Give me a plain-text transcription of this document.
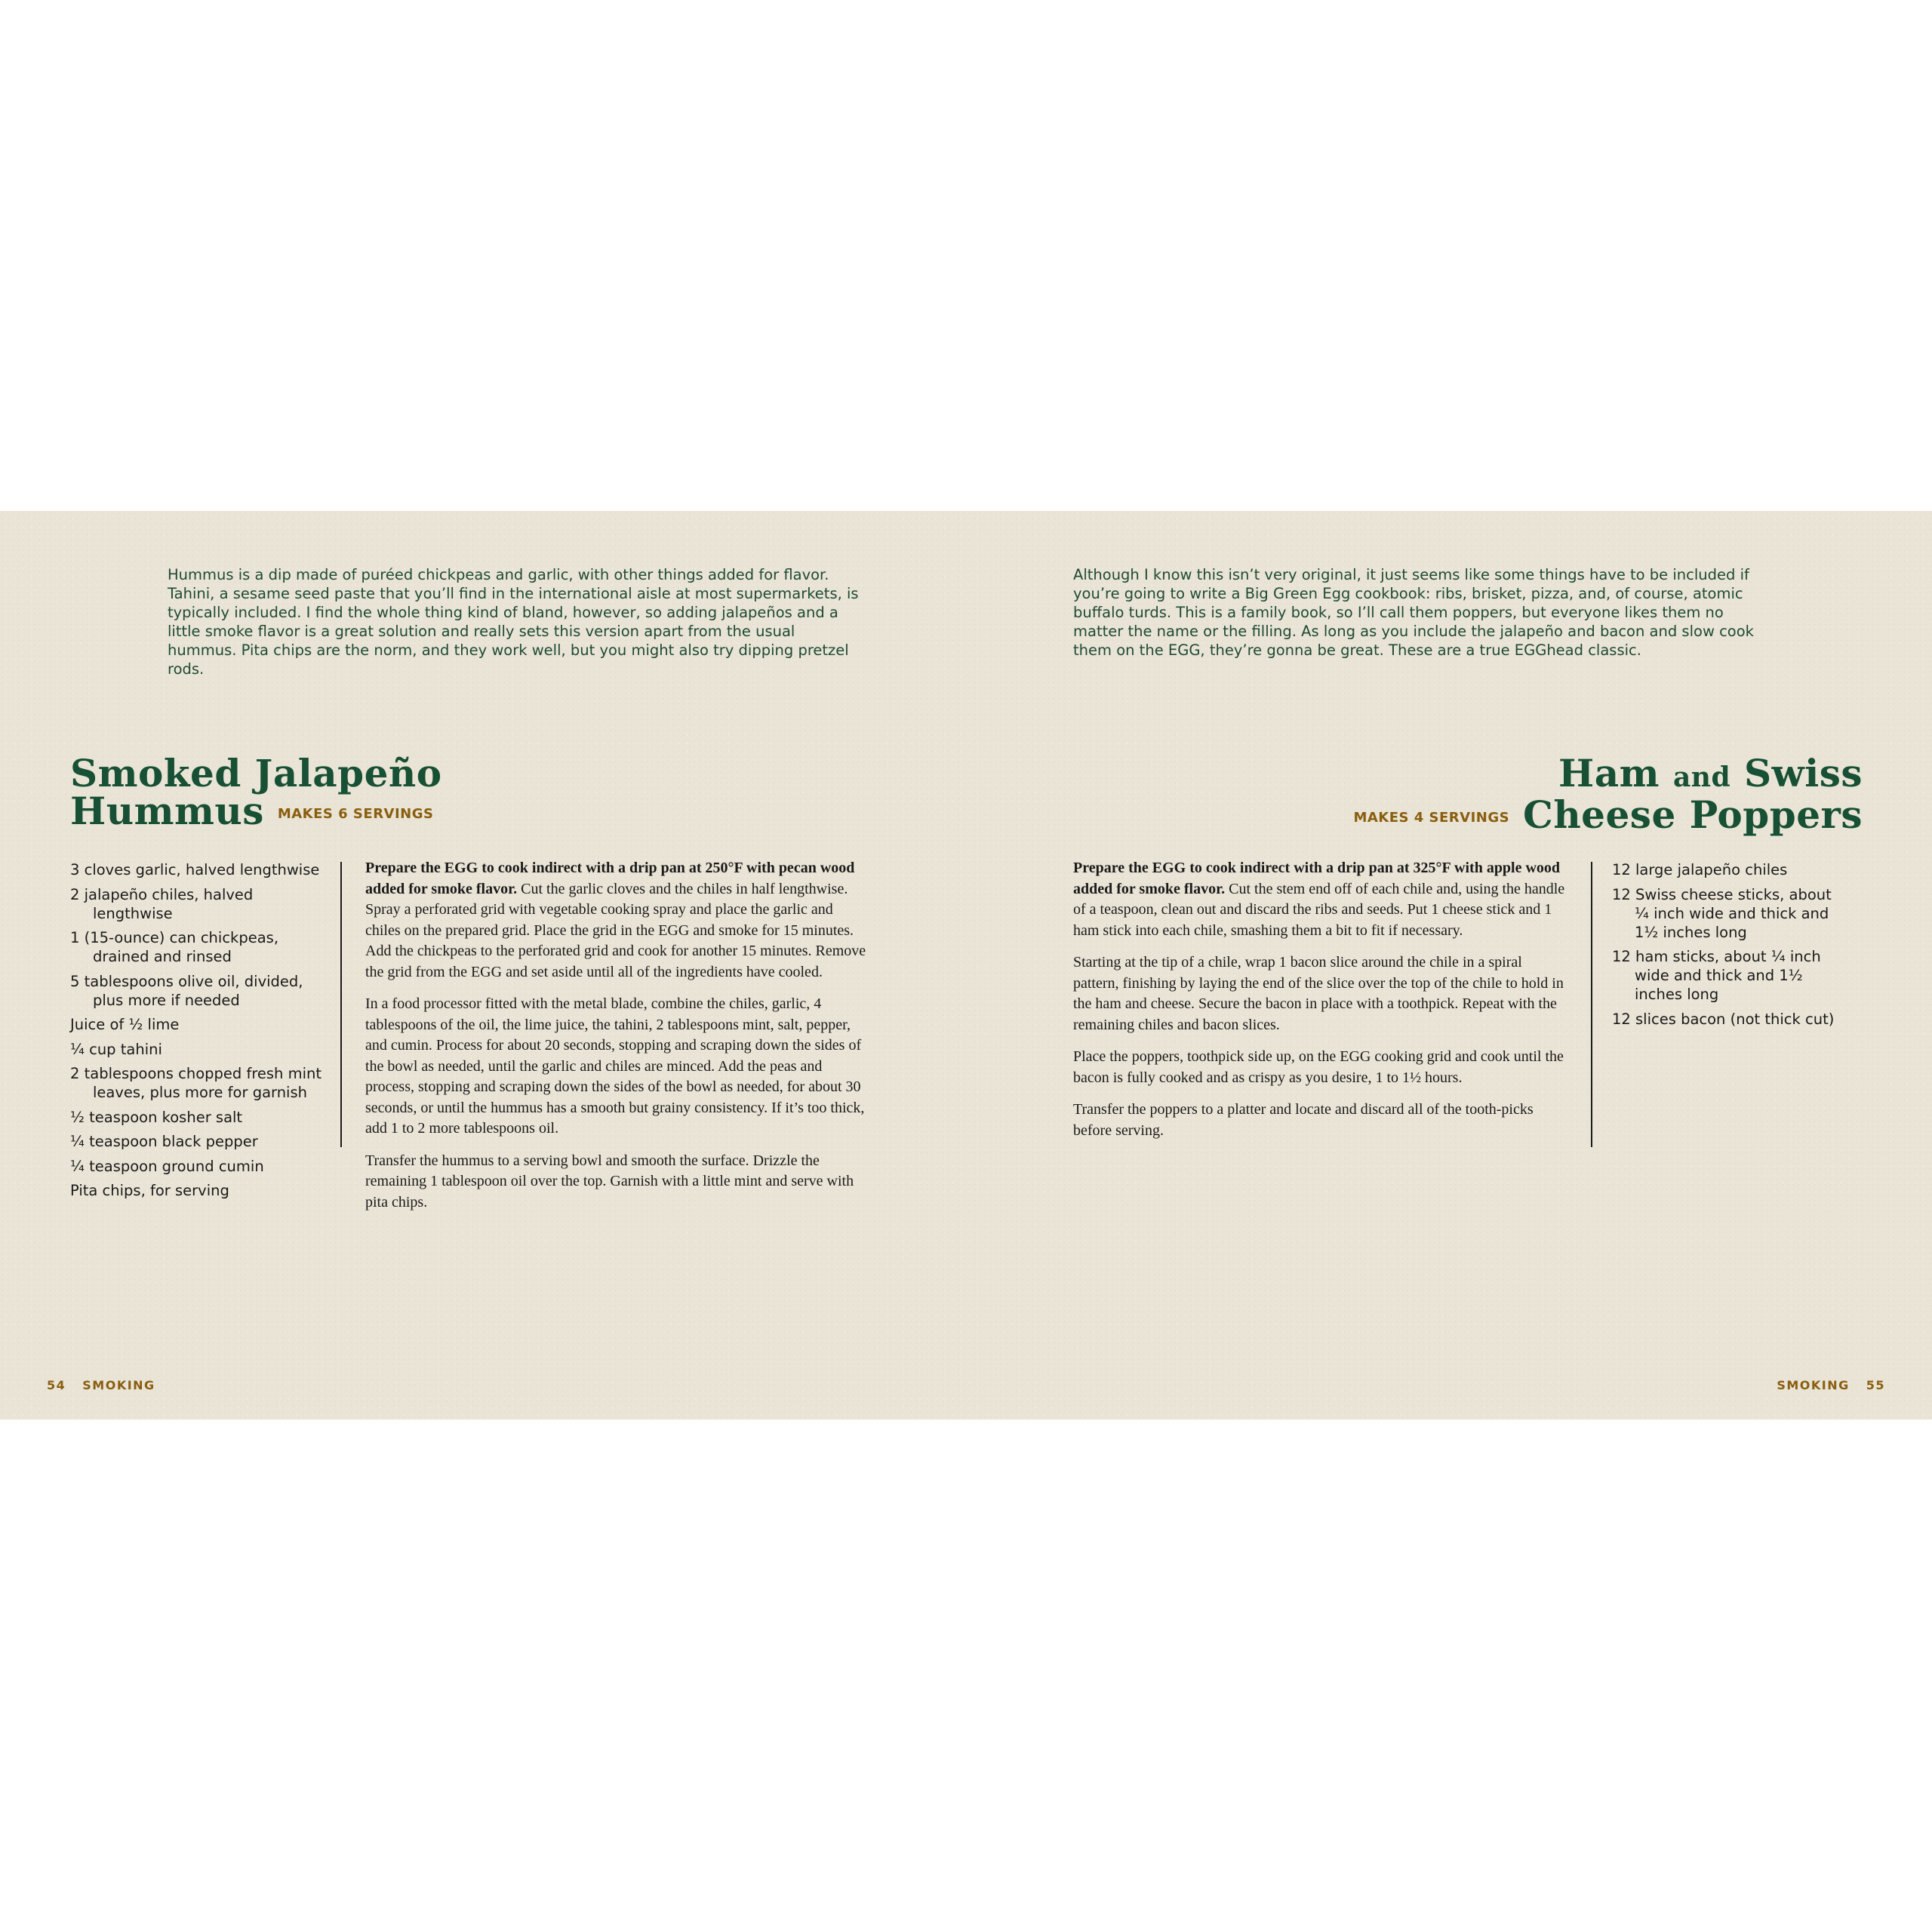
Hummus is a dip made of puréed chickpeas and garlic, with other things added for flavor. Tahini, a sesame seed paste that you’ll find in the international aisle at most supermarkets, is typically included. I find the whole thing kind of bland, however, so adding jalapeños and a little smoke flavor is a great solution and really sets this version apart from the usual hummus. Pita chips are the norm, and they work well, but you might also try dipping pretzel rods.

Smoked Jalapeño
Hummus MAKES 6 SERVINGS
3 cloves garlic, halved lengthwise
2 jalapeño chiles, halved lengthwise
1 (15-ounce) can chickpeas, drained and rinsed
5 tablespoons olive oil, divided, plus more if needed
Juice of ½ lime
¼ cup tahini
2 tablespoons chopped fresh mint leaves, plus more for garnish
½ teaspoon kosher salt
¼ teaspoon black pepper
¼ teaspoon ground cumin
Pita chips, for serving

Prepare the EGG to cook indirect with a drip pan at 250°F with pecan wood added for smoke flavor. Cut the garlic cloves and the chiles in half lengthwise. Spray a perforated grid with vegetable cooking spray and place the garlic and chiles on the prepared grid. Place the grid in the EGG and smoke for 15 minutes. Add the chickpeas to the perforated grid and cook for another 15 minutes. Remove the grid from the EGG and set aside until all of the ingredients have cooled.

In a food processor fitted with the metal blade, combine the chiles, garlic, 4 tablespoons of the oil, the lime juice, the tahini, 2 tablespoons mint, salt, pepper, and cumin. Process for about 20 seconds, stopping and scraping down the sides of the bowl as needed, until the garlic and chiles are minced. Add the peas and process, stopping and scraping down the sides of the bowl as needed, for about 30 seconds, or until the hummus has a smooth but grainy consistency. If it’s too thick, add 1 to 2 more tablespoons oil.

Transfer the hummus to a serving bowl and smooth the surface. Drizzle the remaining 1 tablespoon oil over the top. Garnish with a little mint and serve with pita chips.

Although I know this isn’t very original, it just seems like some things have to be included if you’re going to write a Big Green Egg cookbook: ribs, brisket, pizza, and, of course, atomic buffalo turds. This is a family book, so I’ll call them poppers, but everyone likes them no matter the name or the filling. As long as you include the jalapeño and bacon and slow cook them on the EGG, they’re gonna be great. These are a true EGGhead classic.

Ham and Swiss
MAKES 4 SERVINGS Cheese Poppers

Prepare the EGG to cook indirect with a drip pan at 325°F with apple wood added for smoke flavor. Cut the stem end off of each chile and, using the handle of a teaspoon, clean out and discard the ribs and seeds. Put 1 cheese stick and 1 ham stick into each chile, smashing them a bit to fit if necessary.

Starting at the tip of a chile, wrap 1 bacon slice around the chile in a spiral pattern, finishing by laying the end of the slice over the top of the chile to hold in the ham and cheese. Secure the bacon in place with a toothpick. Repeat with the remaining chiles and bacon slices.

Place the poppers, toothpick side up, on the EGG cooking grid and cook until the bacon is fully cooked and as crispy as you desire, 1 to 1½ hours.

Transfer the poppers to a platter and locate and discard all of the tooth-picks before serving.

12 large jalapeño chiles
12 Swiss cheese sticks, about ¼ inch wide and thick and 1½ inches long
12 ham sticks, about ¼ inch wide and thick and 1½ inches long
12 slices bacon (not thick cut)
54 SMOKING	SMOKING 55
